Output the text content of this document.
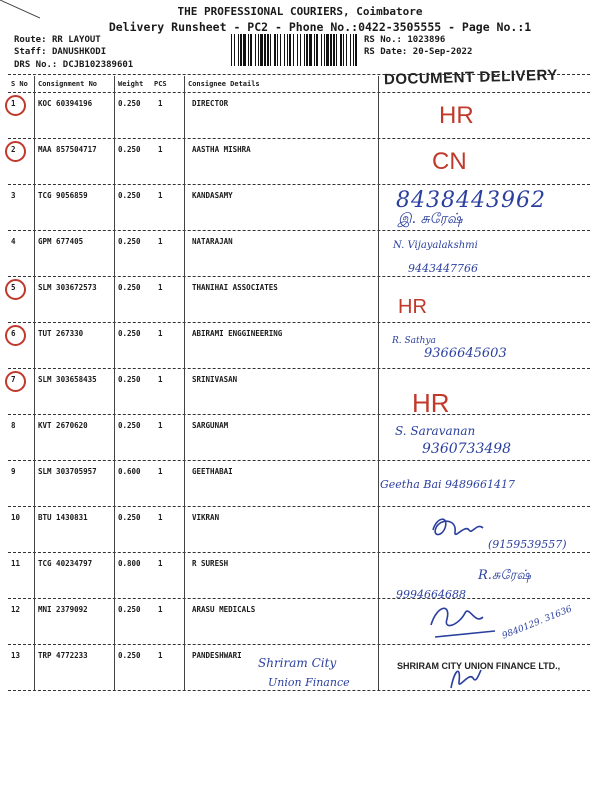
THE PROFESSIONAL COURIERS, Coimbatore
Delivery Runsheet - PC2 - Phone No.:0422-3505555 - Page No.:1
Route: RR LAYOUT
Staff: DANUSHKODI
DRS No.: DCJB102389601
RS No.: 1023896
RS Date: 20-Sep-2022
S No Consignment No	Weight PCS	Consignee Details
1	KOC 60394196	0.250 1	DIRECTOR
2	MAA 857504717	0.250 1	AASTHA MISHRA
3	TCG 9056859	0.250 1	KANDASAMY
4	GPM 677405	0.250 1	NATARAJAN
5	SLM 303672573	0.250 1	THANIHAI ASSOCIATES
6	TUT 267330	0.250 1	ABIRAMI ENGGINEERING
7	SLM 303658435	0.250 1	SRINIVASAN
8	KVT 2670620	0.250 1	SARGUNAM
9	SLM 303705957	0.600 1	GEETHABAI
10 BTU 1430831	0.250 1	VIKRAN
11 TCG 40234797	0.800 1	R SURESH
12 MNI 2379092	0.250 1	ARASU MEDICALS
13 TRP 4772233	0.250 1	PANDESHWARI
DOCUMENT DELIVERY
SHRIRAM CITY UNION FINANCE LTD.,
HR
CN
8438443962
இ. சுரேஷ்
N. Vijayalakshmi
9443447766
HR
R. Sathya
9366645603
HR
S. Saravanan
9360733498
Geetha Bai 9489661417
(9159539557)
R.சுரேஷ்
9994664688
9840129. 31636
Shriram City
Union Finance
